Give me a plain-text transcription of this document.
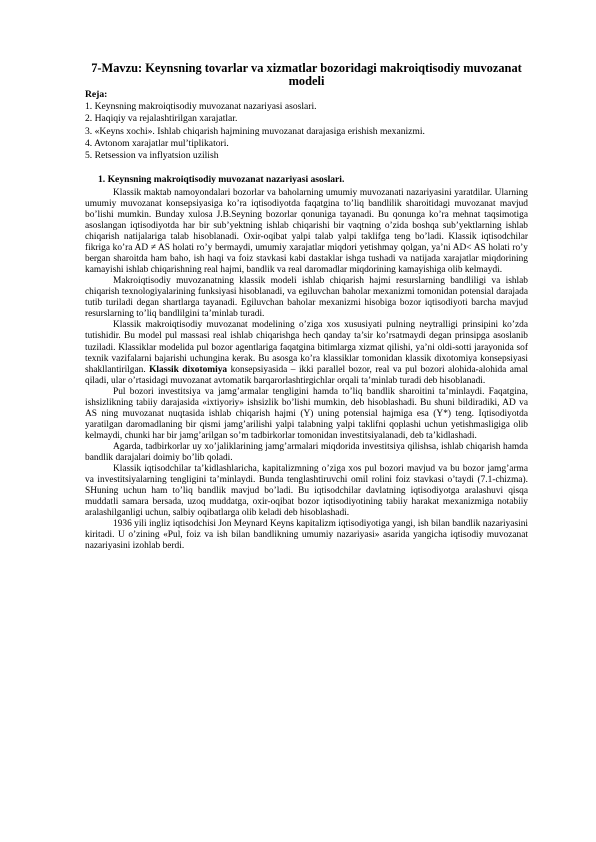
7-Mavzu: Keynsning tovarlar va xizmatlar bozoridagi makroiqtisodiy muvozanat modeli
Reja:
1. Keynsning makroiqtisodiy muvozanat nazariyasi asoslari.
2. Haqiqiy va rejalashtirilgan xarajatlar.
3. «Keyns xochi». Ishlab chiqarish hajmining muvozanat darajasiga erishish mexanizmi.
4. Avtonom xarajatlar mul’tiplikatori.
5. Retsession va inflyatsion uzilish
1. Keynsning makroiqtisodiy muvozanat nazariyasi asoslari.

Klassik maktab namoyondalari bozorlar va baholarning umumiy muvozanati nazariyasini yaratdilar. Ularning umumiy muvozanat konsepsiyasiga ko’ra iqtisodiyotda faqatgina to’liq bandlilik sharoitidagi muvozanat mavjud bo’lishi mumkin. Bunday xulosa J.B.Seyning bozorlar qonuniga tayanadi. Bu qonunga ko’ra mehnat taqsimotiga asoslangan iqtisodiyotda har bir sub’yektning ishlab chiqarishi bir vaqtning o’zida boshqa sub’yektlarning ishlab chiqarish natijalariga talab hisoblanadi. Oxir-oqibat yalpi talab yalpi taklifga teng bo’ladi. Klassik iqtisodchilar fikriga ko’ra AD ≠ AS holati ro’y bermaydi, umumiy xarajatlar miqdori yetishmay qolgan, ya’ni AD< AS holati ro’y bergan sharoitda ham baho, ish haqi va foiz stavkasi kabi dastaklar ishga tushadi va natijada xarajatlar miqdorining kamayishi ishlab chiqarishning real hajmi, bandlik va real daromadlar miqdorining kamayishiga olib kelmaydi.

Makroiqtisodiy muvozanatning klassik modeli ishlab chiqarish hajmi resurslarning bandliligi va ishlab chiqarish texnologiyalarining funksiyasi hisoblanadi, va egiluvchan baholar mexanizmi tomonidan potensial darajada tutib turiladi degan shartlarga tayanadi. Egiluvchan baholar mexanizmi hisobiga bozor iqtisodiyoti barcha mavjud resurslarning to’liq bandlilgini ta’minlab turadi.

Klassik makroiqtisodiy muvozanat modelining o’ziga xos xususiyati pulning neytralligi prinsipini ko’zda tutishidir. Bu model pul massasi real ishlab chiqarishga hech qanday ta’sir ko’rsatmaydi degan prinsipga asoslanib tuziladi. Klassiklar modelida pul bozor agentlariga faqatgina bitimlarga xizmat qilishi, ya’ni oldi-sotti jarayonida sof texnik vazifalarni bajarishi uchungina kerak. Bu asosga ko’ra klassiklar tomonidan klassik dixotomiya konsepsiyasi shakllantirilgan. Klassik dixotomiya konsepsiyasida – ikki parallel bozor, real va pul bozori alohida-alohida amal qiladi, ular o’rtasidagi muvozanat avtomatik barqarorlashtirgichlar orqali ta’minlab turadi deb hisoblanadi.

Pul bozori investitsiya va jamg’armalar tengligini hamda to’liq bandlik sharoitini ta’minlaydi. Faqatgina, ishsizlikning tabiiy darajasida «ixtiyoriy» ishsizlik bo’lishi mumkin, deb hisoblashadi. Bu shuni bildiradiki, AD va AS ning muvozanat nuqtasida ishlab chiqarish hajmi (Y) uning potensial hajmiga esa (Y*) teng. Iqtisodiyotda yaratilgan daromadlaning bir qismi jamg’arilishi yalpi talabning yalpi taklifni qoplashi uchun yetishmasligiga olib kelmaydi, chunki har bir jamg’arilgan so’m tadbirkorlar tomonidan investitsiyalanadi, deb ta’kidlashadi.

Agarda, tadbirkorlar uy xo’jaliklarining jamg’armalari miqdorida investitsiya qilishsa, ishlab chiqarish hamda bandlik darajalari doimiy bo’lib qoladi.

Klassik iqtisodchilar ta’kidlashlaricha, kapitalizmning o’ziga xos pul bozori mavjud va bu bozor jamg’arma va investitsiyalarning tengligini ta’minlaydi. Bunda tenglashtiruvchi omil rolini foiz stavkasi o’taydi (7.1-chizma). SHuning uchun ham to’liq bandlik mavjud bo’ladi. Bu iqtisodchilar davlatning iqtisodiyotga aralashuvi qisqa muddatli samara bersada, uzoq muddatga, oxir-oqibat bozor iqtisodiyotining tabiiy harakat mexanizmiga notabiiy aralashilganligi uchun, salbiy oqibatlarga olib keladi deb hisoblashadi.

1936 yili ingliz iqtisodchisi Jon Meynard Keyns kapitalizm iqtisodiyotiga yangi, ish bilan bandlik nazariyasini kiritadi. U o’zining «Pul, foiz va ish bilan bandlikning umumiy nazariyasi» asarida yangicha iqtisodiy muvozanat nazariyasini izohlab berdi.
